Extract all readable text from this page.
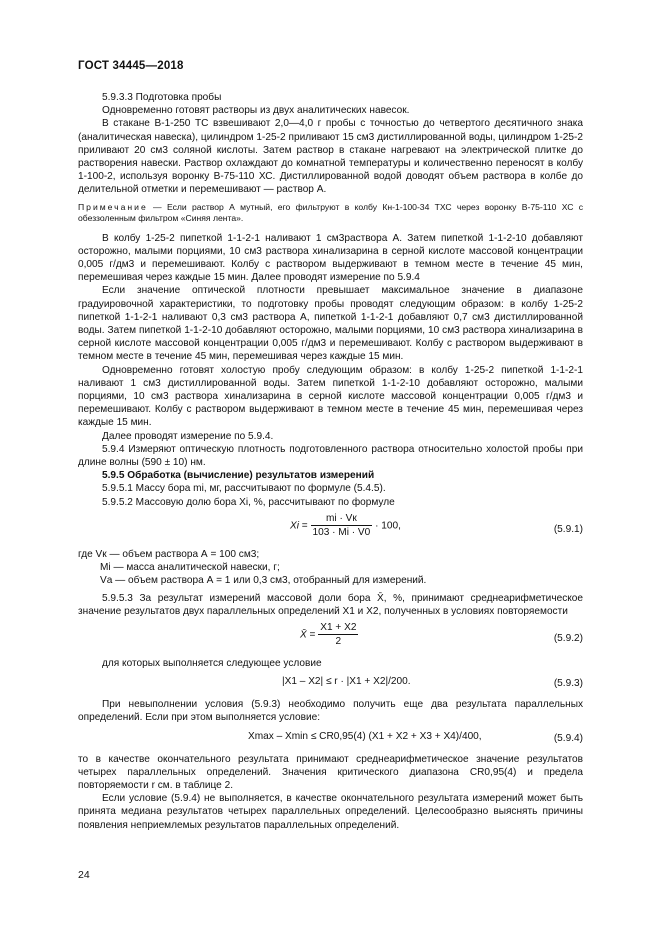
ГОСТ 34445—2018

5.9.3.3 Подготовка пробы

Одновременно готовят растворы из двух аналитических навесок.

В стакане В-1-250 ТС взвешивают 2,0—4,0 г пробы с точностью до четвертого десятичного знака (аналитическая навеска), цилиндром 1-25-2 приливают 15 см3 дистиллированной воды, цилиндром 1-25-2 приливают 20 см3 соляной кислоты. Затем раствор в стакане нагревают на электрической плитке до растворения навески. Раствор охлаждают до комнатной температуры и количественно переносят в колбу 1-100-2, используя воронку В-75-110 ХС. Дистиллированной водой доводят объем раствора в колбе до делительной отметки и перемешивают — раствор А.

Примечание — Если раствор А мутный, его фильтруют в колбу Кн-1-100-34 ТХС через воронку В-75-110 ХС с обеззоленным фильтром «Синяя лента».

В колбу 1-25-2 пипеткой 1-1-2-1 наливают 1 см3раствора А. Затем пипеткой 1-1-2-10 добавляют осторожно, малыми порциями, 10 см3 раствора хинализарина в серной кислоте массовой концентрации 0,005 г/дм3 и перемешивают. Колбу с раствором выдерживают в темном месте в течение 45 мин, перемешивая через каждые 15 мин. Далее проводят измерение по 5.9.4

Если значение оптической плотности превышает максимальное значение в диапазоне градуировочной характеристики, то подготовку пробы проводят следующим образом: в колбу 1-25-2 пипеткой 1-1-2-1 наливают 0,3 см3 раствора А, пипеткой 1-1-2-1 добавляют 0,7 см3 дистиллированной воды. Затем пипеткой 1-1-2-10 добавляют осторожно, малыми порциями, 10 см3 раствора хинализарина в серной кислоте массовой концентрации 0,005 г/дм3 и перемешивают. Колбу с раствором выдерживают в темном месте в течение 45 мин, перемешивая через каждые 15 мин.

Одновременно готовят холостую пробу следующим образом: в колбу 1-25-2 пипеткой 1-1-2-1 наливают 1 см3 дистиллированной воды. Затем пипеткой 1-1-2-10 добавляют осторожно, малыми порциями, 10 см3 раствора хинализарина в серной кислоте массовой концентрации 0,005 г/дм3 и перемешивают. Колбу с раствором выдерживают в темном месте в течение 45 мин, перемешивая через каждые 15 мин.

Далее проводят измерение по 5.9.4.

5.9.4 Измеряют оптическую плотность подготовленного раствора относительно холостой пробы при длине волны (590 ± 10) нм.

5.9.5 Обработка (вычисление) результатов измерений

5.9.5.1 Массу бора mi, мг, рассчитывают по формуле (5.4.5).

5.9.5.2 Массовую долю бора Xi, %, рассчитывают по формуле

$Xi = \frac{mi \cdot Vк}{103 \cdot Mi \cdot V0} \cdot 100$,	(5.9.1)

где Vк — объем раствора А = 100 см3;

Mi — масса аналитической навески, г;

Vа — объем раствора А = 1 или 0,3 см3, отобранный для измерений.

5.9.5.3 За результат измерений массовой доли бора X̄, %, принимают среднеарифметическое значение результатов двух параллельных определений X1 и X2, полученных в условиях повторяемости

X̄ = $\frac{X1 + X2}{2}$	(5.9.2)

для которых выполняется следующее условие

|X1 – X2| ≤ r · |X1 + X2|/200.	(5.9.3)

При невыполнении условия (5.9.3) необходимо получить еще два результата параллельных определений. Если при этом выполняется условие:

Xmax – Xmin ≤ CR0,95(4) (X1 + X2 + X3 + X4)/400,	(5.9.4)

то в качестве окончательного результата принимают среднеарифметическое значение результатов четырех параллельных определений. Значения критического диапазона CR0,95(4) и предела повторяемости r см. в таблице 2.

Если условие (5.9.4) не выполняется, в качестве окончательного результата измерений может быть принята медиана результатов четырех параллельных определений. Целесообразно выяснять причины появления неприемлемых результатов параллельных определений.

24
